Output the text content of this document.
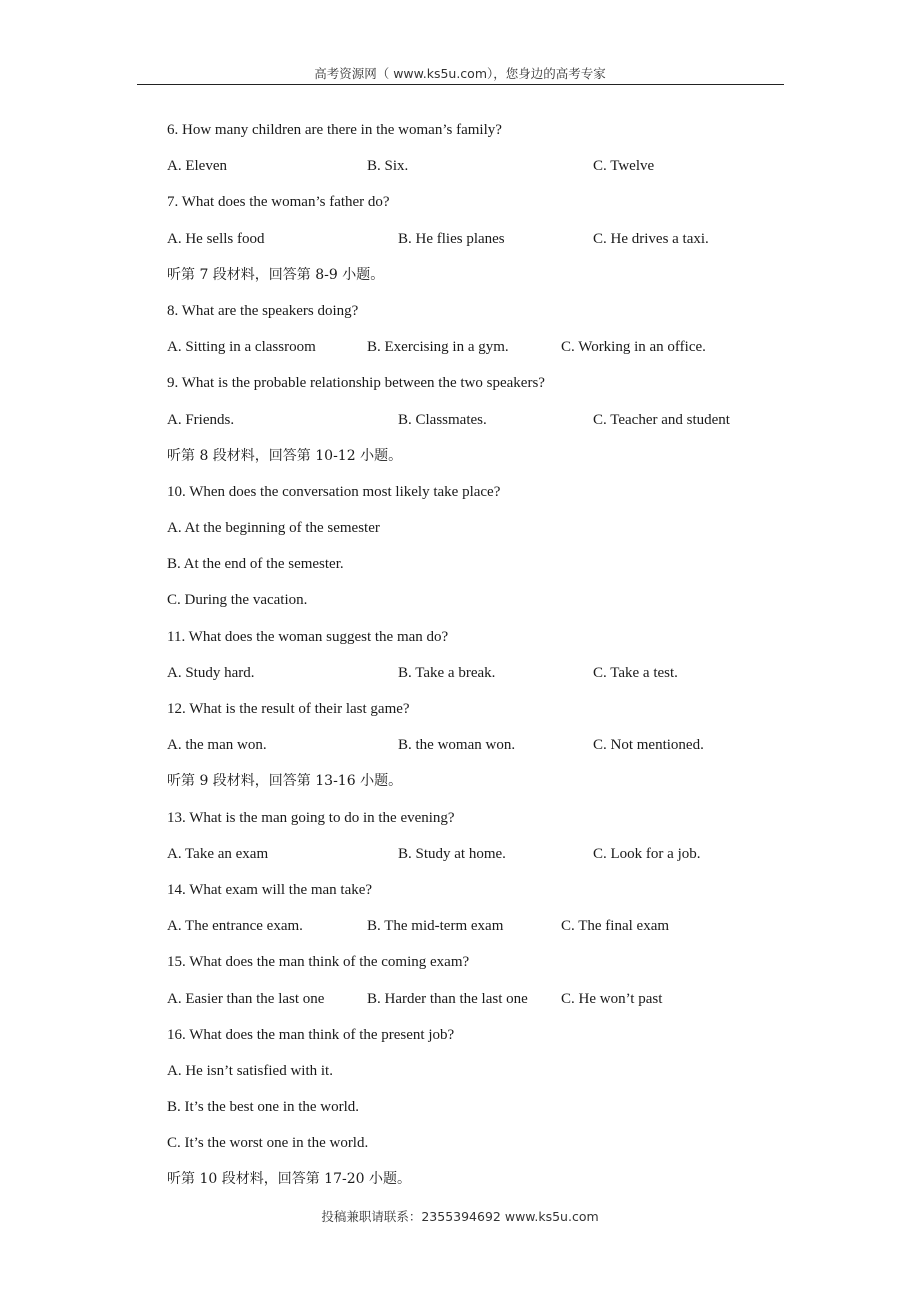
高考资源网（ www.ks5u.com），您身边的高考专家
6. How many children are there in the woman’s family?
A. Eleven	B. Six.	C. Twelve
7. What does the woman’s father do?
A. He sells food	B. He flies planes	C. He drives a taxi.
听第 7 段材料，回答第 8-9 小题。
8. What are the speakers doing?
A. Sitting in a classroom	B. Exercising in a gym.	C. Working in an office.
9. What is the probable relationship between the two speakers?
A. Friends.	B. Classmates.	C. Teacher and student
听第 8 段材料，回答第 10-12 小题。
10. When does the conversation most likely take place?
A. At the beginning of the semester
B. At the end of the semester.
C. During the vacation.
11. What does the woman suggest the man do?
A. Study hard.	B. Take a break.	C. Take a test.
12. What is the result of their last game?
A. the man won.	B. the woman won.	C. Not mentioned.
听第 9 段材料，回答第 13-16 小题。
13. What is the man going to do in the evening?
A. Take an exam	B. Study at home.	C. Look for a job.
14. What exam will the man take?
A. The entrance exam.	B. The mid-term exam	C. The final exam
15. What does the man think of the coming exam?
A. Easier than the last one	B. Harder than the last one C. He won’t past
16. What does the man think of the present job?
A. He isn’t satisfied with it.
B. It’s the best one in the world.
C. It’s the worst one in the world.
听第 10 段材料，回答第 17-20 小题。
投稿兼职请联系：2355394692 www.ks5u.com
